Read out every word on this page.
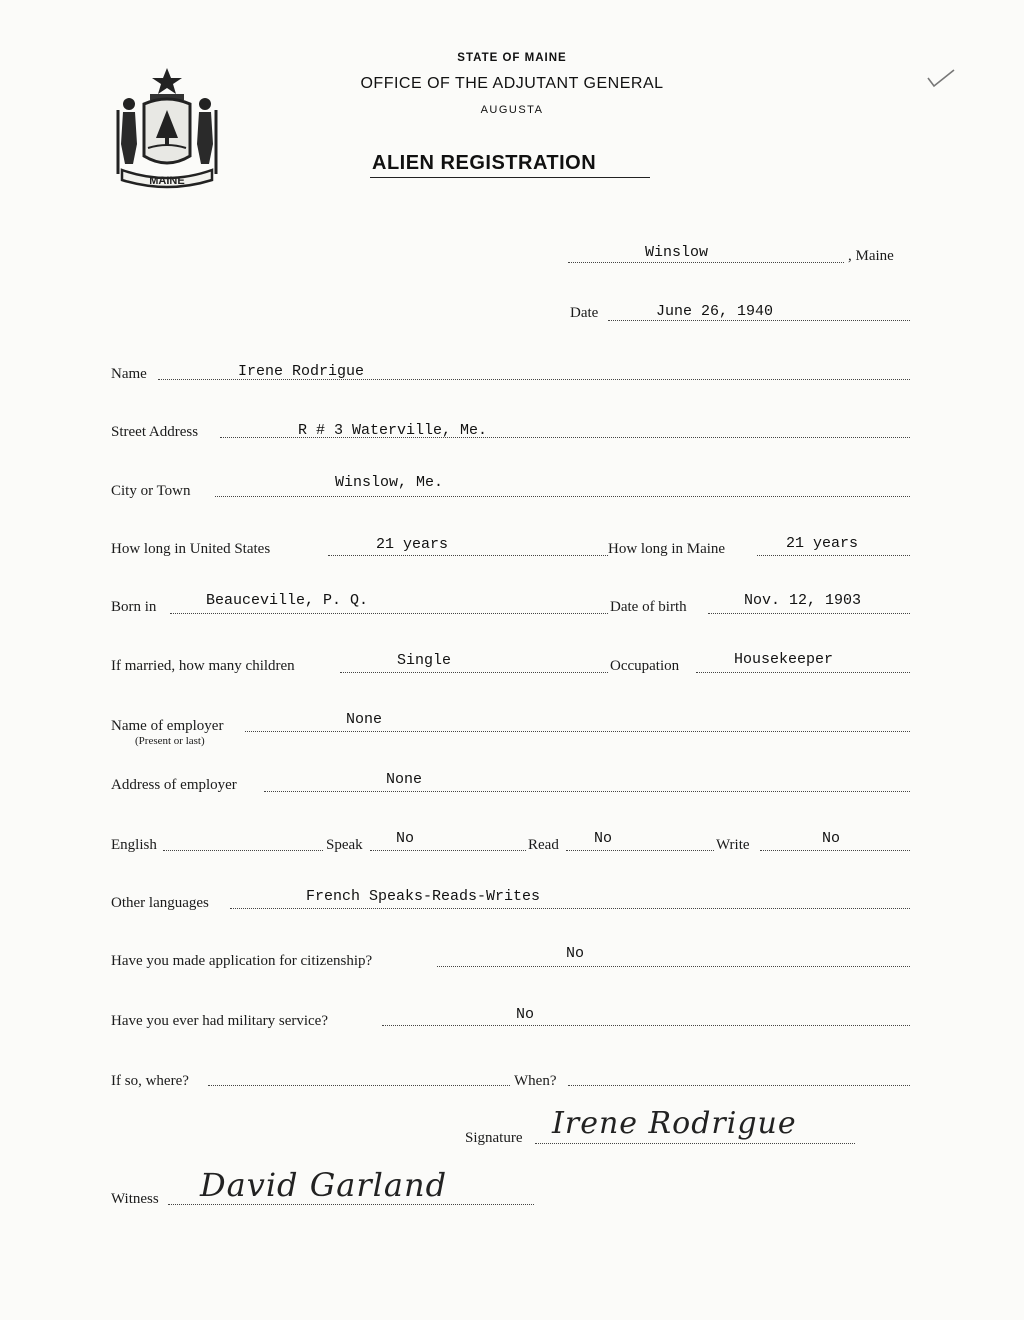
MAINE
STATE OF MAINE
OFFICE OF THE ADJUTANT GENERAL
AUGUSTA
ALIEN REGISTRATION
Winslow	, Maine
Date	June 26, 1940
Name	Irene Rodrigue
Street Address	R # 3 Waterville, Me.
City or Town	Winslow, Me.
How long in United States	21 years	How long in Maine	21 years
Born in	Beauceville, P. Q.	Date of birth	Nov. 12, 1903
If married, how many children	Single	Occupation	Housekeeper
Name of employer
(Present or last)
None
Address of employer	None
English	Speak No	Read No	Write	No
Other languages	French Speaks-Reads-Writes
Have you made application for citizenship?	No
Have you ever had military service?	No
If so, where?	When?
Signature Irene Rodrigue
Witness David Garland
